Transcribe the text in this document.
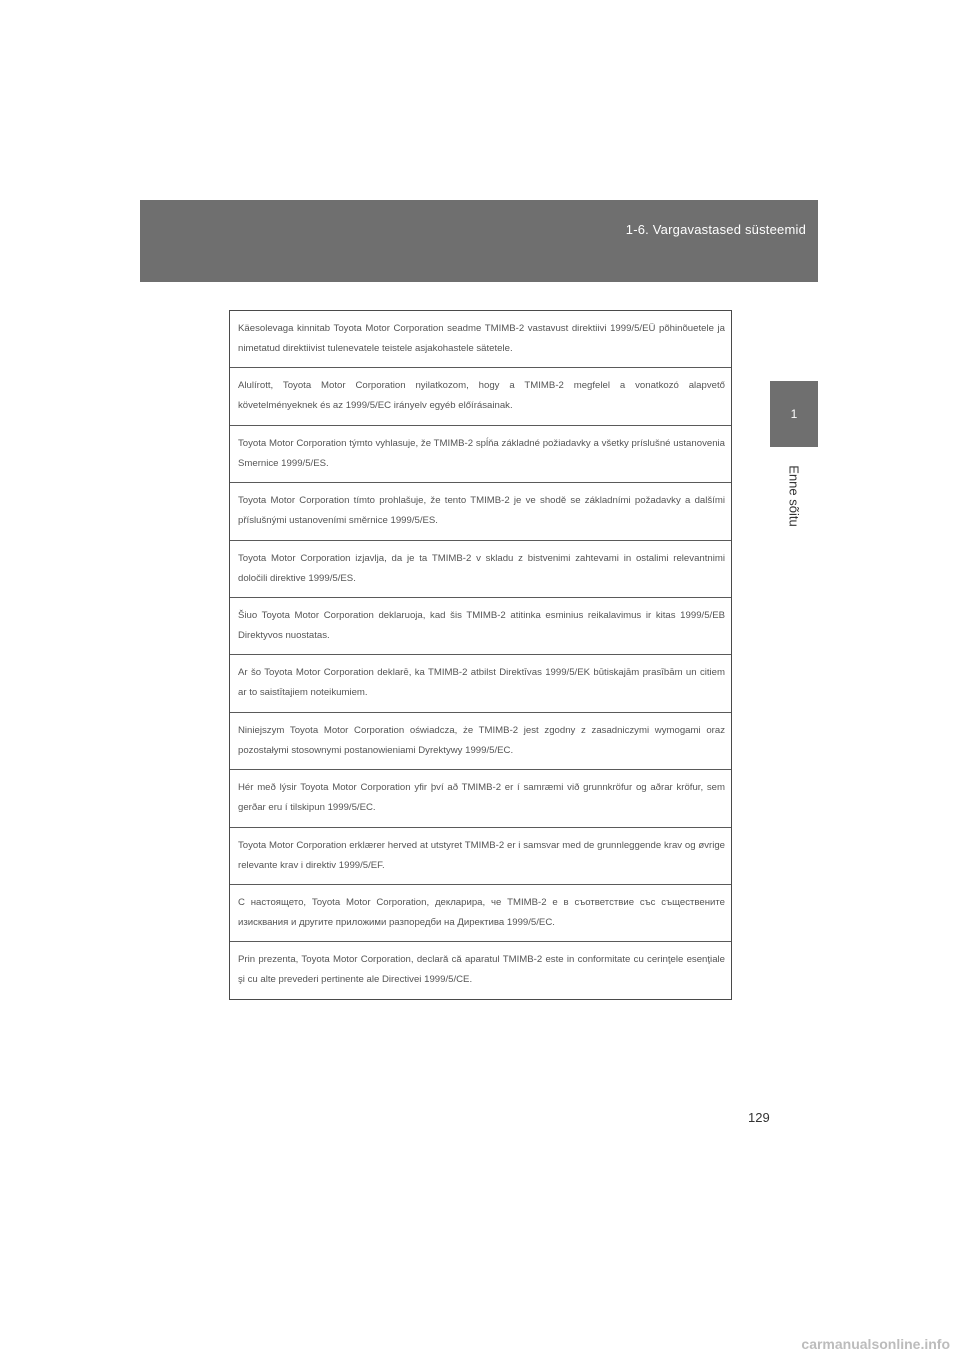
1-6. Vargavastased süsteemid
1
Enne sõitu

Käesolevaga kinnitab Toyota Motor Corporation seadme TMIMB-2 vastavust direktiivi 1999/5/EÜ põhinõuetele ja nimetatud direktiivist tulenevatele teistele asjakohastele sätetele.

Alulírott, Toyota Motor Corporation nyilatkozom, hogy a TMIMB-2 megfelel a vonatkozó alapvető követelményeknek és az 1999/5/EC irányelv egyéb előírásainak.

Toyota Motor Corporation týmto vyhlasuje, že TMIMB-2 spĺňa základné požiadavky a všetky príslušné ustanovenia Smernice 1999/5/ES.

Toyota Motor Corporation tímto prohlašuje, že tento TMIMB-2 je ve shodě se základními požadavky a dalšími příslušnými ustanoveními směrnice 1999/5/ES.

Toyota Motor Corporation izjavlja, da je ta TMIMB-2 v skladu z bistvenimi zahtevami in ostalimi relevantnimi določili direktive 1999/5/ES.

Šiuo Toyota Motor Corporation deklaruoja, kad šis TMIMB-2 atitinka esminius reikalavimus ir kitas 1999/5/EB Direktyvos nuostatas.

Ar šo Toyota Motor Corporation deklarē, ka TMIMB-2 atbilst Direktīvas 1999/5/EK būtiskajām prasībām un citiem ar to saistītajiem noteikumiem.

Niniejszym Toyota Motor Corporation oświadcza, że TMIMB-2 jest zgodny z zasadniczymi wymogami oraz pozostałymi stosownymi postanowieniami Dyrektywy 1999/5/EC.

Hér með lýsir Toyota Motor Corporation yfir því að TMIMB-2 er í samræmi við grunnkröfur og aðrar kröfur, sem gerðar eru í tilskipun 1999/5/EC.

Toyota Motor Corporation erklærer herved at utstyret TMIMB-2 er i samsvar med de grunnleggende krav og øvrige relevante krav i direktiv 1999/5/EF.

С настоящето, Toyota Motor Corporation, декларира, че TMIMB-2 е в съответствие със съществените изисквания и другите приложими разпоредби на Директива 1999/5/EC.

Prin prezenta, Toyota Motor Corporation, declară că aparatul TMIMB-2 este in conformitate cu cerinţele esenţiale şi cu alte prevederi pertinente ale Directivei 1999/5/CE.

129
carmanualsonline.info
